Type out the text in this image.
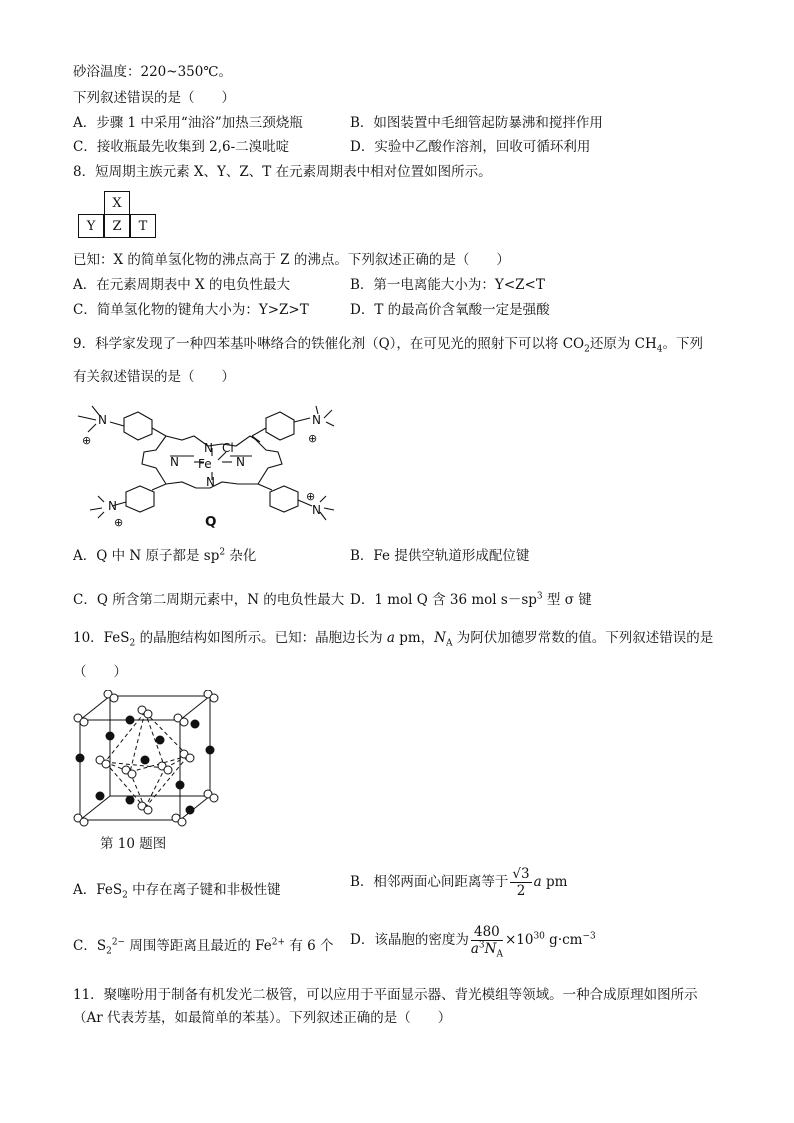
砂浴温度：220~350℃。
下列叙述错误的是（　　）
A．步骤 1 中采用“油浴”加热三颈烧瓶	B．如图装置中毛细管起防暴沸和搅拌作用
C．接收瓶最先收集到 2,6-二溴吡啶	D．实验中乙酸作溶剂，回收可循环利用
8．短周期主族元素 X、Y、Z、T 在元素周期表中相对位置如图所示。
X
Y	Z	T
已知：X 的简单氢化物的沸点高于 Z 的沸点。下列叙述正确的是（　　）
A．在元素周期表中 X 的电负性最大	B．第一电离能大小为：Y<Z<T
C．简单氢化物的键角大小为：Y>Z>T	D．T 的最高价含氧酸一定是强酸
9．科学家发现了一种四苯基卟啉络合的铁催化剂（Q），在可见光的照射下可以将 $CO_2$还原为 $CH_4$。下列
有关叙述错误的是（　　）
N
⊕
N
⊕
N Cl
N Fe N
N
N
⊕
N
⊕
Q
A．Q 中 N 原子都是 $sp^2$ 杂化	B．Fe 提供空轨道形成配位键
C．Q 所含第二周期元素中，N 的电负性最大 D．1 mol Q 含 36 mol $s-sp^3$ 型 σ 键
10．FeS$_2$ 的晶胞结构如图所示。已知：晶胞边长为 a pm，$N_A$ 为阿伏加德罗常数的值。下列叙述错误的是
（　　）
第 10 题图
A．FeS$_2$ 中存在离子键和非极性键	B．相邻两面心间距离等于 $\frac{√3}{2}$ a pm
C．$S_2^{2-}$ 周围等距离且最近的 $Fe^{2+}$ 有 6 个 D．该晶胞的密度为 $\frac{480}{a^3N_A} \times 10^{30}$ $g\cdot cm^{-3}$
11．聚噻吩用于制备有机发光二极管，可以应用于平面显示器、背光模组等领域。一种合成原理如图所示
（Ar 代表芳基，如最简单的苯基）。下列叙述正确的是（　　）
